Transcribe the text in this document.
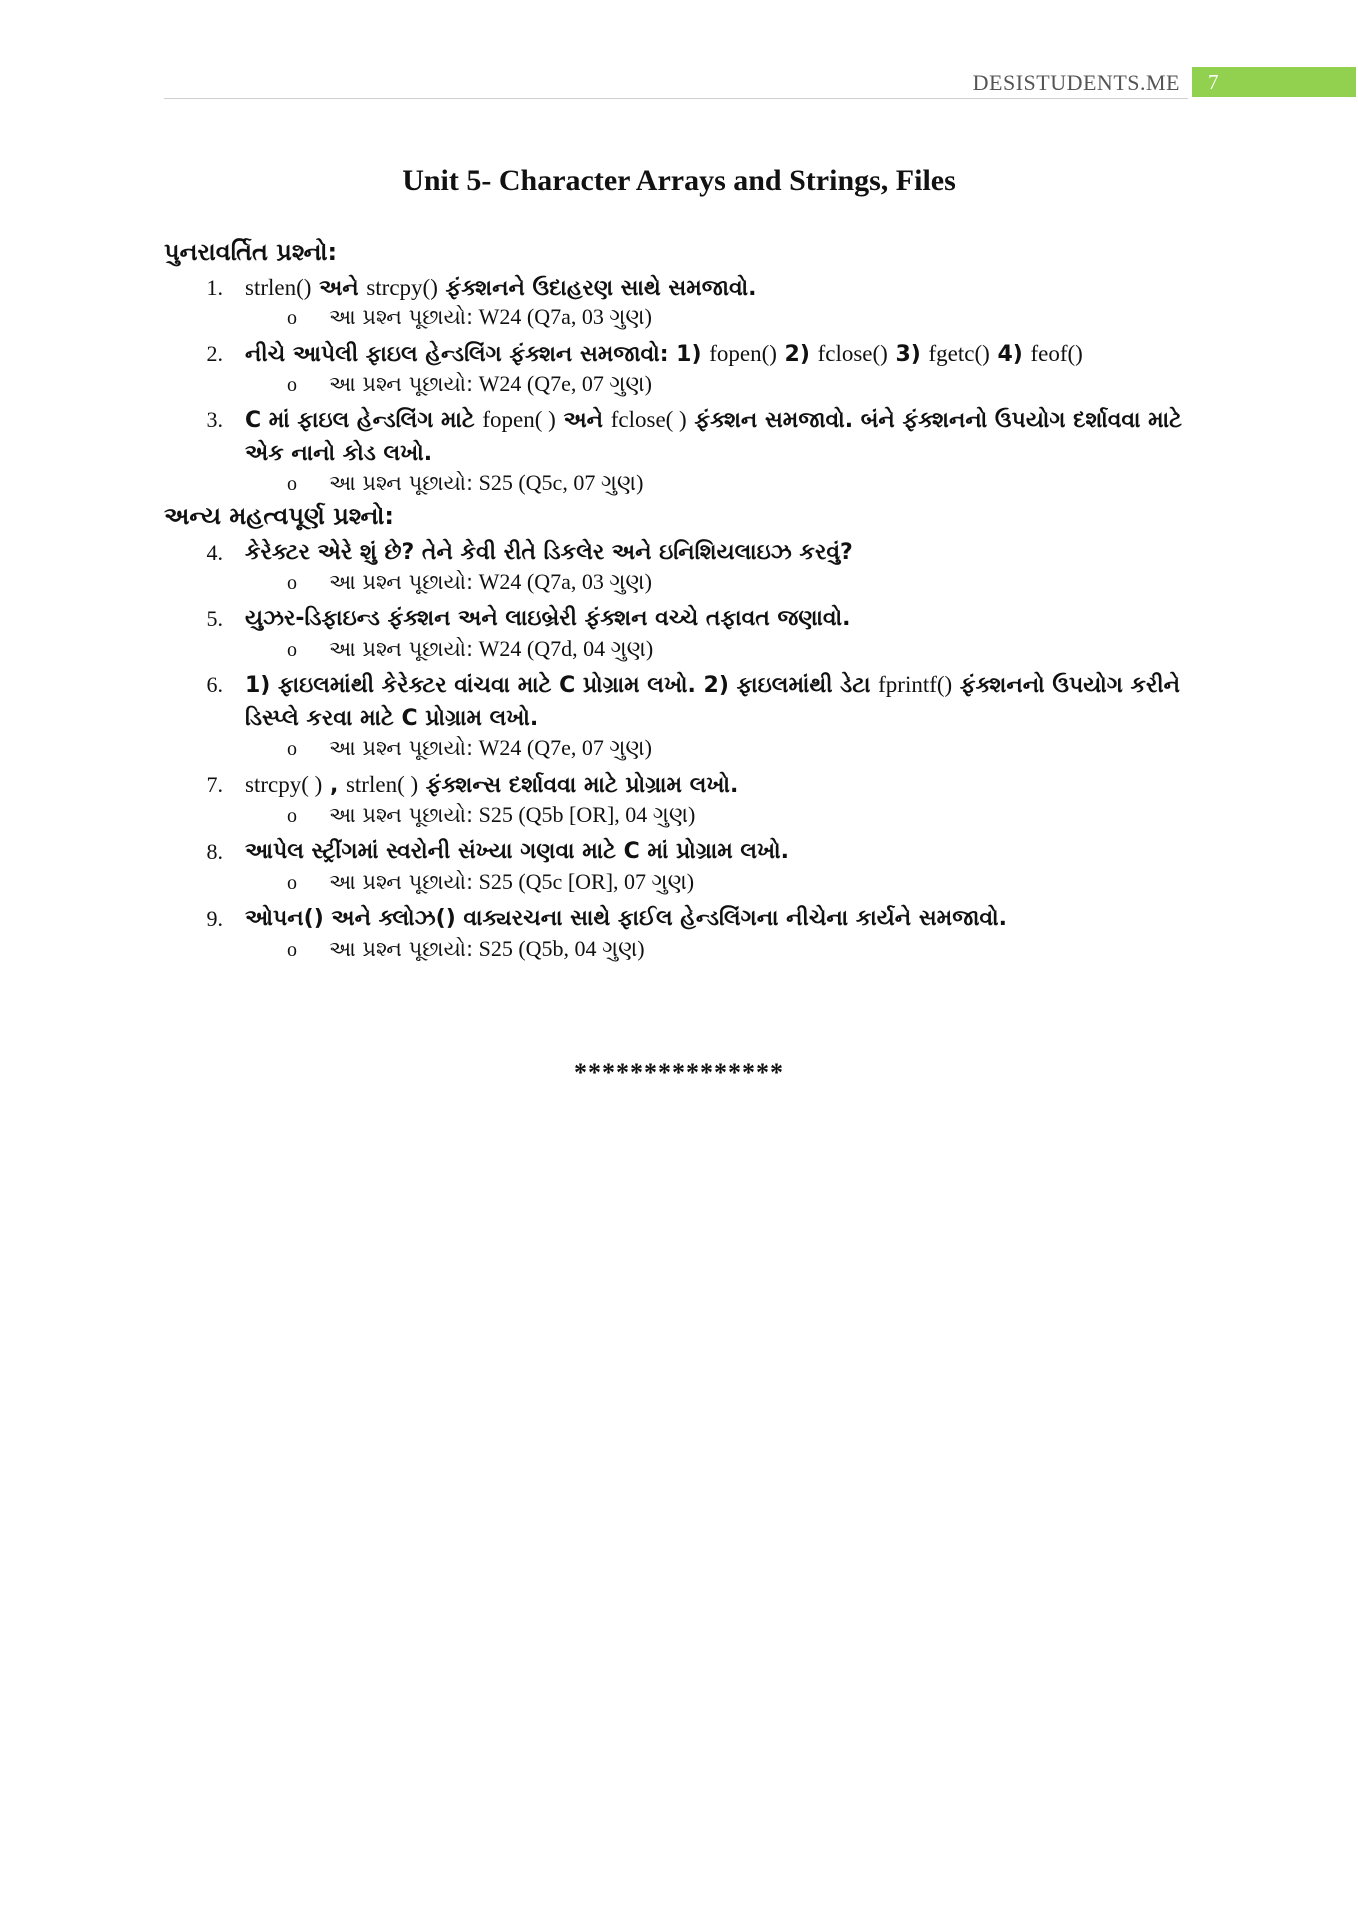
DESISTUDENTS.ME	7
Unit 5- Character Arrays and Strings, Files
પુનરાવર્તિત પ્રશ્નો:
1. strlen() અને strcpy() ફંક્શનને ઉદાહરણ સાથે સમજાવો.
o આ પ્રશ્ન પૂછાયો: W24 (Q7a, 03 ગુણ)
2. નીચે આપેલી ફાઇલ હેન્ડલિંગ ફંક્શન સમજાવો: 1) fopen() 2) fclose() 3) fgetc() 4) feof()
o આ પ્રશ્ન પૂછાયો: W24 (Q7e, 07 ગુણ)
3. C માં ફાઇલ હેન્ડલિંગ માટે fopen( ) અને fclose( ) ફંક્શન સમજાવો. બંને ફંક્શનનો ઉપયોગ દર્શાવવા માટે એક નાનો કોડ લખો.
o આ પ્રશ્ન પૂછાયો: S25 (Q5c, 07 ગુણ)
અન્ય મહત્વપૂર્ણ પ્રશ્નો:
4. કેરેક્ટર એરે શું છે? તેને કેવી રીતે ડિકલેર અને ઇનિશિયલાઇઝ કરવું?
o આ પ્રશ્ન પૂછાયો: W24 (Q7a, 03 ગુણ)
5. યુઝર-ડિફાઇન્ડ ફંક્શન અને લાઇબ્રેરી ફંક્શન વચ્ચે તફાવત જણાવો.
o આ પ્રશ્ન પૂછાયો: W24 (Q7d, 04 ગુણ)
6. 1) ફાઇલમાંથી કેરેક્ટર વાંચવા માટે C પ્રોગ્રામ લખો. 2) ફાઇલમાંથી ડેટા fprintf() ફંક્શનનો ઉપયોગ કરીને ડિસ્પ્લે કરવા માટે C પ્રોગ્રામ લખો.
o આ પ્રશ્ન પૂછાયો: W24 (Q7e, 07 ગુણ)
7. strcpy( ) , strlen( ) ફંક્શન્સ દર્શાવવા માટે પ્રોગ્રામ લખો.
o આ પ્રશ્ન પૂછાયો: S25 (Q5b [OR], 04 ગુણ)
8. આપેલ સ્ટ્રીંગમાં સ્વરોની સંખ્યા ગણવા માટે C માં પ્રોગ્રામ લખો.
o આ પ્રશ્ન પૂછાયો: S25 (Q5c [OR], 07 ગુણ)
9. ઓપન() અને ક્લોઝ() વાક્યરચના સાથે ફાઈલ હેન્ડલિંગના નીચેના કાર્યને સમજાવો.
o આ પ્રશ્ન પૂછાયો: S25 (Q5b, 04 ગુણ)
***************
